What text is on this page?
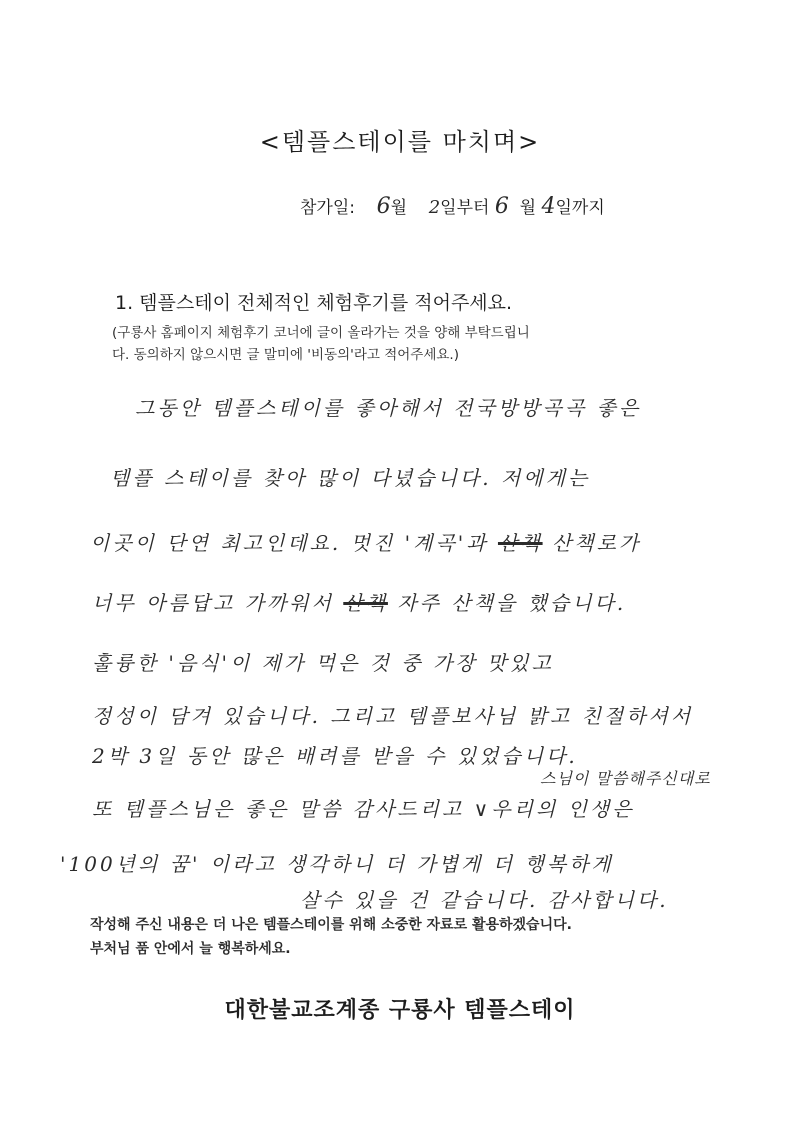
<템플스테이를 마치며>
참가일: 6월 2일부터 6 월 4일까지
1. 템플스테이 전체적인 체험후기를 적어주세요.
(구룡사 홈페이지 체험후기 코너에 글이 올라가는 것을 양해 부탁드립니
다. 동의하지 않으시면 글 말미에 '비동의'라고 적어주세요.)
그동안 템플스테이를 좋아해서 전국방방곡곡 좋은
템플 스테이를 찾아 많이 다녔습니다. 저에게는
이곳이 단연 최고인데요. 멋진 '계곡'과 산책 산책로가
너무 아름답고 가까워서 산책 자주 산책을 했습니다.
훌륭한 '음식'이 제가 먹은 것 중 가장 맛있고
정성이 담겨 있습니다. 그리고 템플보사님 밝고 친절하셔서
2박 3일 동안 많은 배려를 받을 수 있었습니다.
스님이 말씀해주신대로
또 템플스님은 좋은 말씀 감사드리고 ∨우리의 인생은
'100년의 꿈' 이라고 생각하니 더 가볍게 더 행복하게
살수 있을 건 같습니다. 감사합니다.
작성해 주신 내용은 더 나은 템플스테이를 위해 소중한 자료로 활용하겠습니다.
부처님 품 안에서 늘 행복하세요.
대한불교조계종 구룡사 템플스테이
